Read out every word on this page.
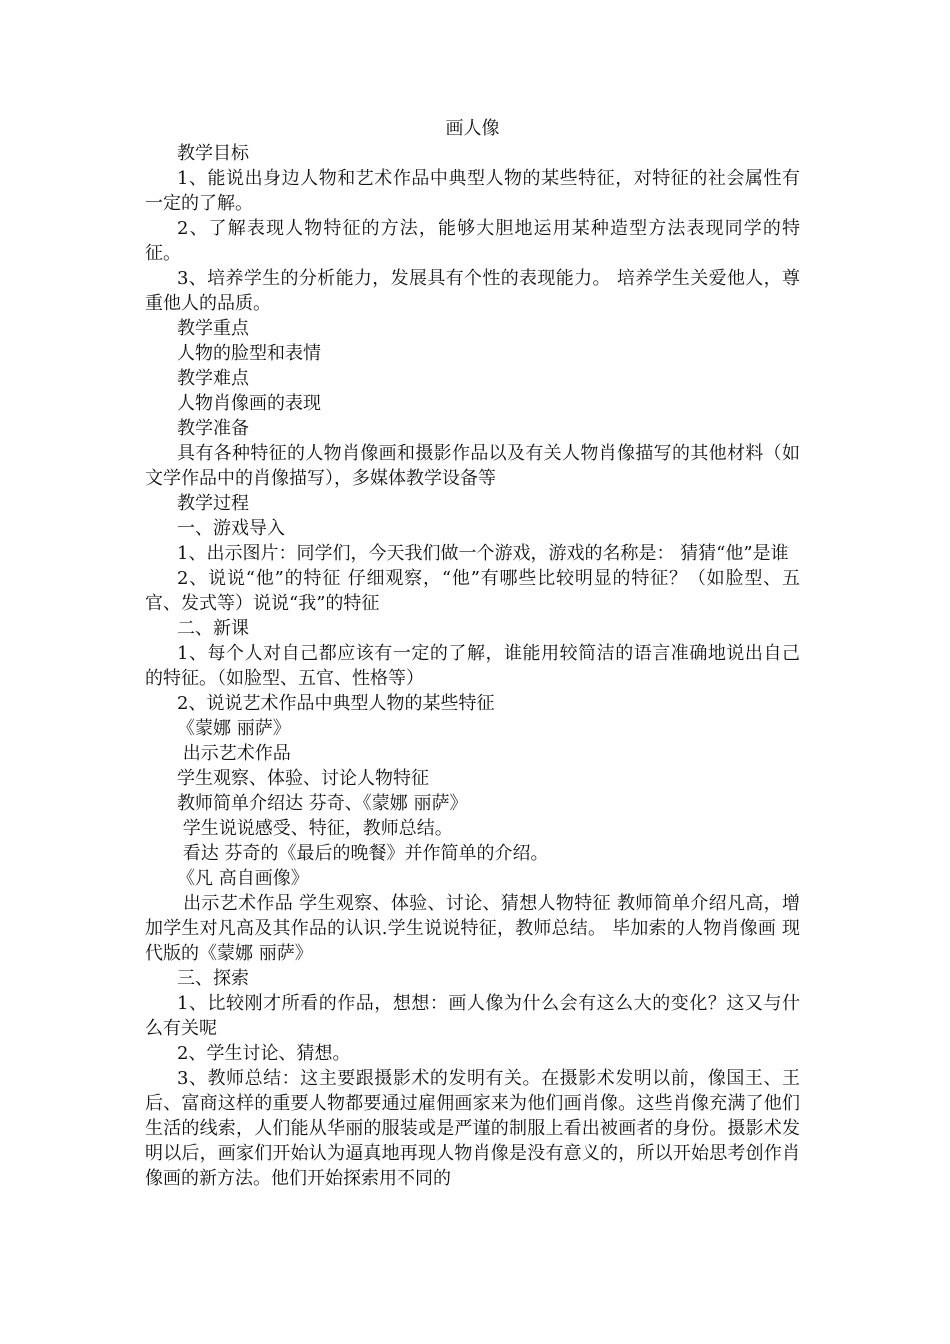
画人像

教学目标

1、能说出身边人物和艺术作品中典型人物的某些特征，对特征的社会属性有一定的了解。

2、了解表现人物特征的方法，能够大胆地运用某种造型方法表现同学的特征。

3、培养学生的分析能力，发展具有个性的表现能力。 培养学生关爱他人，尊重他人的品质。

教学重点

人物的脸型和表情

教学难点

人物肖像画的表现

教学准备

具有各种特征的人物肖像画和摄影作品以及有关人物肖像描写的其他材料（如文学作品中的肖像描写），多媒体教学设备等

教学过程

一、游戏导入

1、出示图片：同学们，今天我们做一个游戏，游戏的名称是： 猜猜“他”是谁

2、说说“他”的特征 仔细观察，“他”有哪些比较明显的特征？（如脸型、五官、发式等）说说“我”的特征

二、新课

1、每个人对自己都应该有一定的了解，谁能用较简洁的语言准确地说出自己的特征。（如脸型、五官、性格等）

2、说说艺术作品中典型人物的某些特征

《蒙娜 丽萨》

出示艺术作品

学生观察、体验、讨论人物特征

教师简单介绍达 芬奇、《蒙娜 丽萨》

学生说说感受、特征，教师总结。

看达 芬奇的《最后的晚餐》并作简单的介绍。

《凡 高自画像》

出示艺术作品 学生观察、体验、讨论、猜想人物特征 教师简单介绍凡高，增加学生对凡高及其作品的认识.学生说说特征，教师总结。 毕加索的人物肖像画 现代版的《蒙娜 丽萨》

三、探索

1、比较刚才所看的作品，想想：画人像为什么会有这么大的变化？这又与什么有关呢

2、学生讨论、猜想。

3、教师总结：这主要跟摄影术的发明有关。在摄影术发明以前，像国王、王后、富商这样的重要人物都要通过雇佣画家来为他们画肖像。这些肖像充满了他们生活的线索，人们能从华丽的服装或是严谨的制服上看出被画者的身份。摄影术发明以后，画家们开始认为逼真地再现人物肖像是没有意义的，所以开始思考创作肖像画的新方法。他们开始探索用不同的
